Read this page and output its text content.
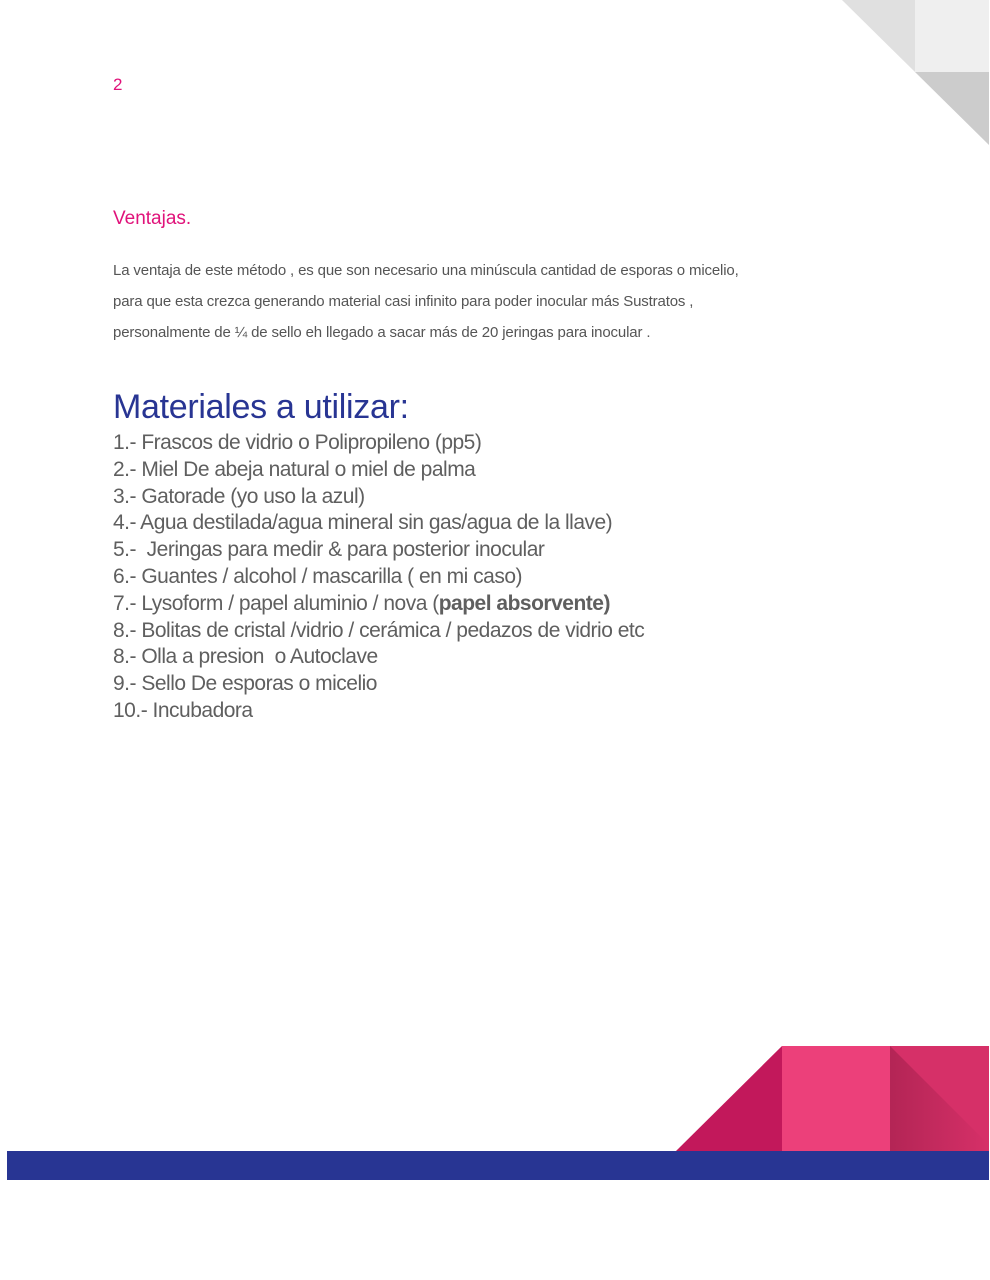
2
Ventajas.

La ventaja de este método , es que son necesario una minúscula cantidad de esporas o micelio,

para que esta crezca generando material casi infinito para poder inocular más Sustratos ,

personalmente de ¼ de sello eh llegado a sacar más de 20 jeringas para inocular .

Materiales a utilizar:
1.- Frascos de vidrio o Polipropileno (pp5)
2.- Miel De abeja natural o miel de palma
3.- Gatorade (yo uso la azul)
4.- Agua destilada/agua mineral sin gas/agua de la llave)
5.-  Jeringas para medir & para posterior inocular
6.- Guantes / alcohol / mascarilla ( en mi caso)
7.- Lysoform / papel aluminio / nova (papel absorvente)
8.- Bolitas de cristal /vidrio / cerámica / pedazos de vidrio etc
8.- Olla a presion  o Autoclave
9.- Sello De esporas o micelio
10.- Incubadora
